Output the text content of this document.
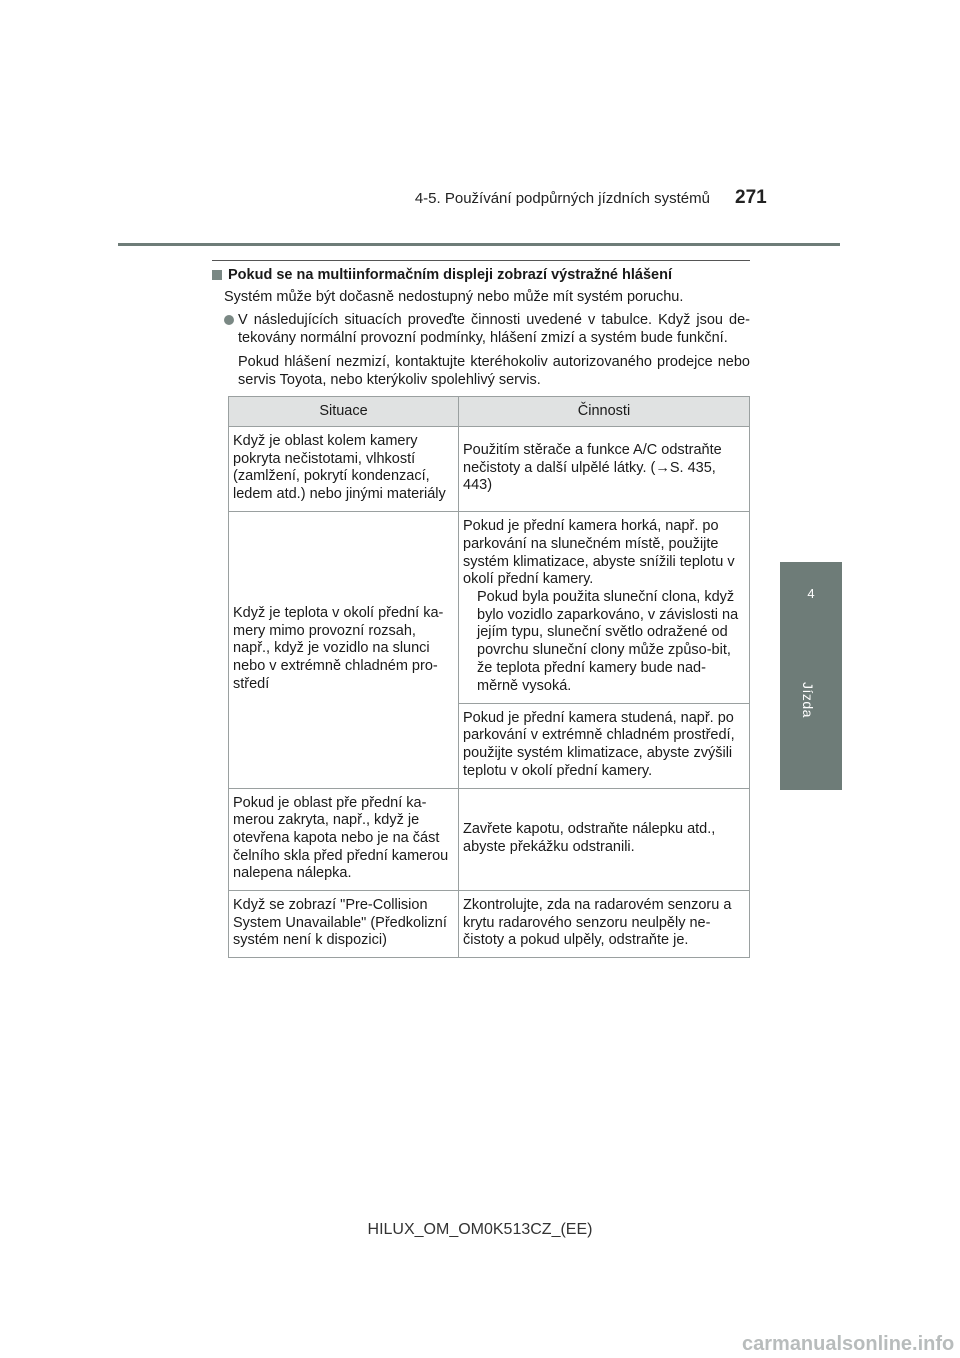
4-5. Používání podpůrných jízdních systémů 271
4
Jízda
Pokud se na multiinformačním displeji zobrazí výstražné hlášení
Systém může být dočasně nedostupný nebo může mít systém poruchu.
V následujících situacích proveďte činnosti uvedené v tabulce. Když jsou de-tekovány normální provozní podmínky, hlášení zmizí a systém bude funkční.
Pokud hlášení nezmizí, kontaktujte kteréhokoliv autorizovaného prodejce nebo servis Toyota, nebo kterýkoliv spolehlivý servis.
Situace	Činnosti
Když je oblast kolem kamery pokryta nečistotami, vlhkostí (zamlžení, pokrytí kondenzací, ledem atd.) nebo jinými materiály	Použitím stěrače a funkce A/C odstraňte nečistoty a další ulpělé látky. (→S. 435, 443)
Když je teplota v okolí přední ka-mery mimo provozní rozsah, např., když je vozidlo na slunci nebo v extrémně chladném pro-středí	Pokud je přední kamera horká, např. po parkování na slunečném místě, použijte systém klimatizace, abyste snížili teplotu v okolí přední kamery.
Pokud byla použita sluneční clona, když bylo vozidlo zaparkováno, v závislosti na jejím typu, sluneční světlo odražené od povrchu sluneční clony může způso-bit, že teplota přední kamery bude nad-měrně vysoká.

	Pokud je přední kamera studená, např. po parkování v extrémně chladném prostředí, použijte systém klimatizace, abyste zvýšili teplotu v okolí přední kamery.
Pokud je oblast pře přední ka-merou zakryta, např., když je otevřena kapota nebo je na část čelního skla před přední kamerou nalepena nálepka.	Zavřete kapotu, odstraňte nálepku atd., abyste překážku odstranili.
Když se zobrazí "Pre-Collision System Unavailable" (Předkolizní systém není k dispozici)	Zkontrolujte, zda na radarovém senzoru a krytu radarového senzoru neulpěly ne-čistoty a pokud ulpěly, odstraňte je.
HILUX_OM_OM0K513CZ_(EE)
carmanualsonline.info
